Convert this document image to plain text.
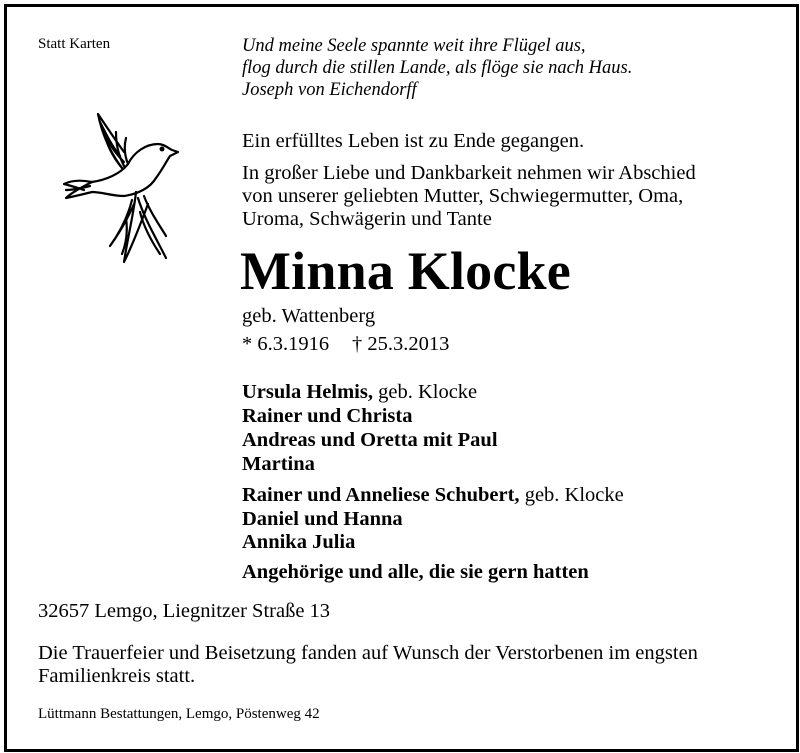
Statt Karten	Und meine Seele spannte weit ihre Flügel aus,
flog durch die stillen Lande, als flöge sie nach Haus.
Joseph von Eichendorff
Ein erfülltes Leben ist zu Ende gegangen.
In großer Liebe und Dankbarkeit nehmen wir Abschied
von unserer geliebten Mutter, Schwiegermutter, Oma,
Uroma, Schwägerin und Tante
Minna Klocke
geb. Wattenberg
* 6.3.1916 † 25.3.2013
Ursula Helmis, geb. Klocke
Rainer und Christa
Andreas und Oretta mit Paul
Martina
Rainer und Anneliese Schubert, geb. Klocke
Daniel und Hanna
Annika Julia
Angehörige und alle, die sie gern hatten
32657 Lemgo, Liegnitzer Straße 13
Die Trauerfeier und Beisetzung fanden auf Wunsch der Verstorbenen im engsten
Familienkreis statt.
Lüttmann Bestattungen, Lemgo, Pöstenweg 42
